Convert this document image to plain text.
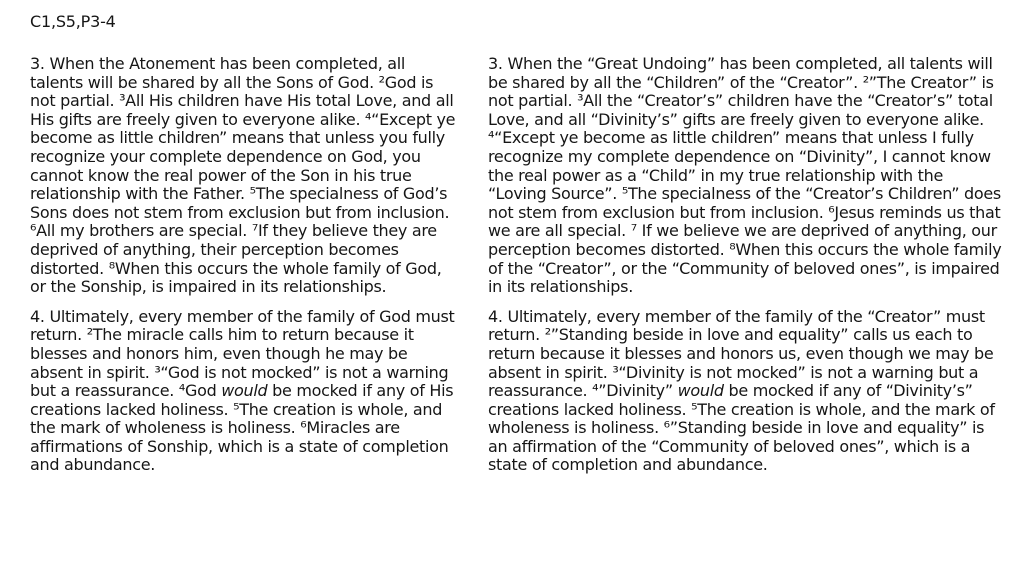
C1,S5,P3-4

3. When the Atonement has been completed, all talents will be shared by all the Sons of God. ²God is not partial. ³All His children have His total Love, and all His gifts are freely given to everyone alike. ⁴“Except ye become as little children” means that unless you fully recognize your complete dependence on God, you cannot know the real power of the Son in his true relationship with the Father. ⁵The specialness of God’s Sons does not stem from exclusion but from inclusion. ⁶All my brothers are special. ⁷If they believe they are deprived of anything, their perception becomes distorted. ⁸When this occurs the whole family of God, or the Sonship, is impaired in its relationships.

4. Ultimately, every member of the family of God must return. ²The miracle calls him to return because it blesses and honors him, even though he may be absent in spirit. ³“God is not mocked” is not a warning but a reassurance. ⁴God would be mocked if any of His creations lacked holiness. ⁵The creation is whole, and the mark of wholeness is holiness. ⁶Miracles are affirmations of Sonship, which is a state of completion and abundance.

3. When the “Great Undoing” has been completed, all talents will be shared by all the “Children” of the “Creator”. ²”The Creator” is not partial. ³All the “Creator’s” children have the “Creator’s” total Love, and all “Divinity’s” gifts are freely given to everyone alike. ⁴“Except ye become as little children” means that unless I fully recognize my complete dependence on “Divinity”, I cannot know the real power as a “Child” in my true relationship with the “Loving Source”. ⁵The specialness of the “Creator’s Children” does not stem from exclusion but from inclusion. ⁶Jesus reminds us that we are all special. ⁷ If we believe we are deprived of anything, our perception becomes distorted. ⁸When this occurs the whole family of the “Creator”, or the “Community of beloved ones”, is impaired in its relationships.

4. Ultimately, every member of the family of the “Creator” must return. ²”Standing beside in love and equality” calls us each to return because it blesses and honors us, even though we may be absent in spirit. ³“Divinity is not mocked” is not a warning but a reassurance. ⁴”Divinity” would be mocked if any of “Divinity’s” creations lacked holiness. ⁵The creation is whole, and the mark of wholeness is holiness. ⁶”Standing beside in love and equality” is an affirmation of the “Community of beloved ones”, which is a state of completion and abundance.
